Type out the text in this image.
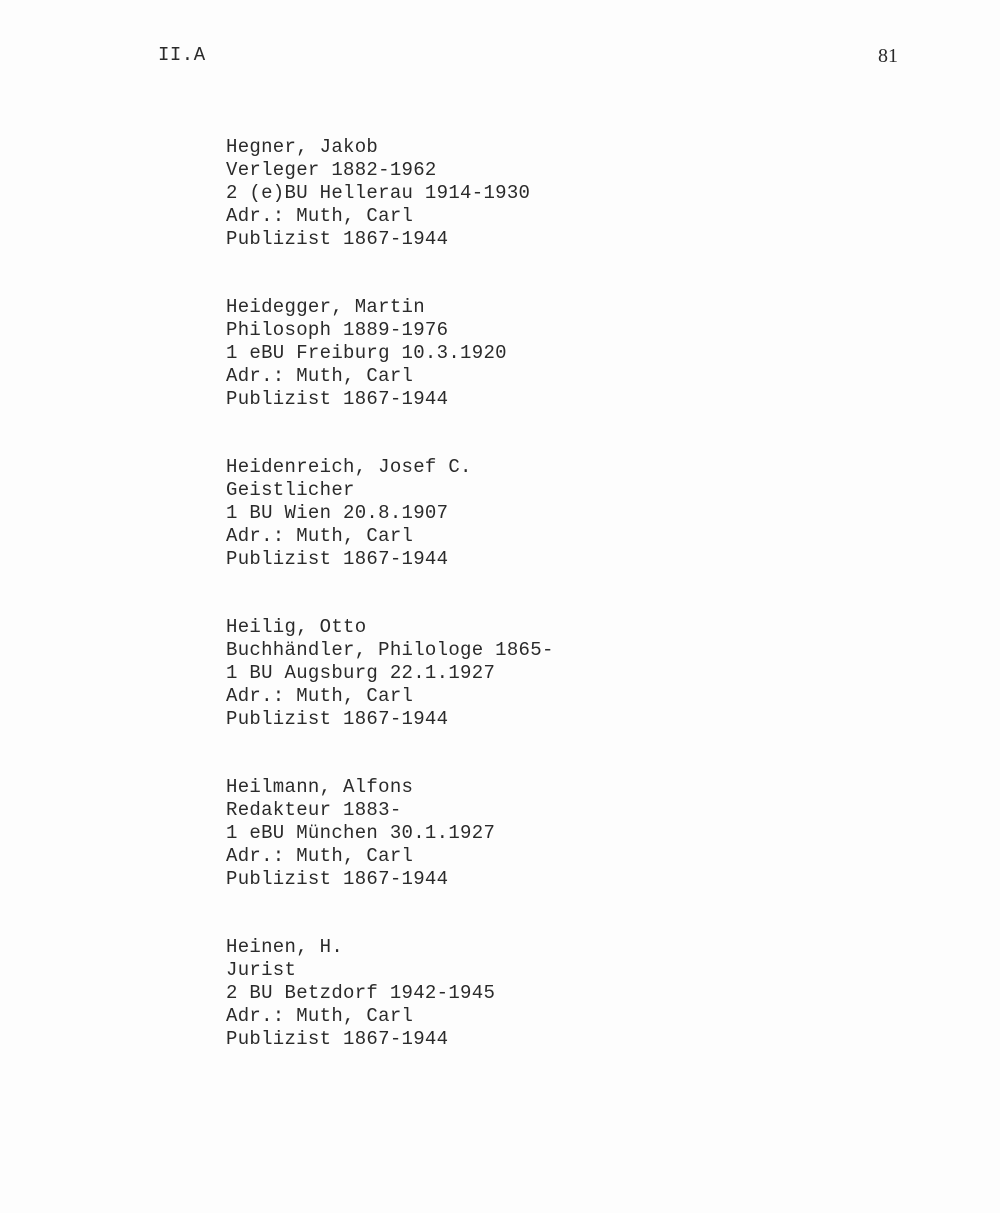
II.A	81
Hegner, Jakob
Verleger 1882-1962
2 (e)BU Hellerau 1914-1930
Adr.: Muth, Carl
Publizist 1867-1944
Heidegger, Martin
Philosoph 1889-1976
1 eBU Freiburg 10.3.1920
Adr.: Muth, Carl
Publizist 1867-1944
Heidenreich, Josef C.
Geistlicher
1 BU Wien 20.8.1907
Adr.: Muth, Carl
Publizist 1867-1944
Heilig, Otto
Buchhändler, Philologe 1865-
1 BU Augsburg 22.1.1927
Adr.: Muth, Carl
Publizist 1867-1944
Heilmann, Alfons
Redakteur 1883-
1 eBU München 30.1.1927
Adr.: Muth, Carl
Publizist 1867-1944
Heinen, H.
Jurist
2 BU Betzdorf 1942-1945
Adr.: Muth, Carl
Publizist 1867-1944
